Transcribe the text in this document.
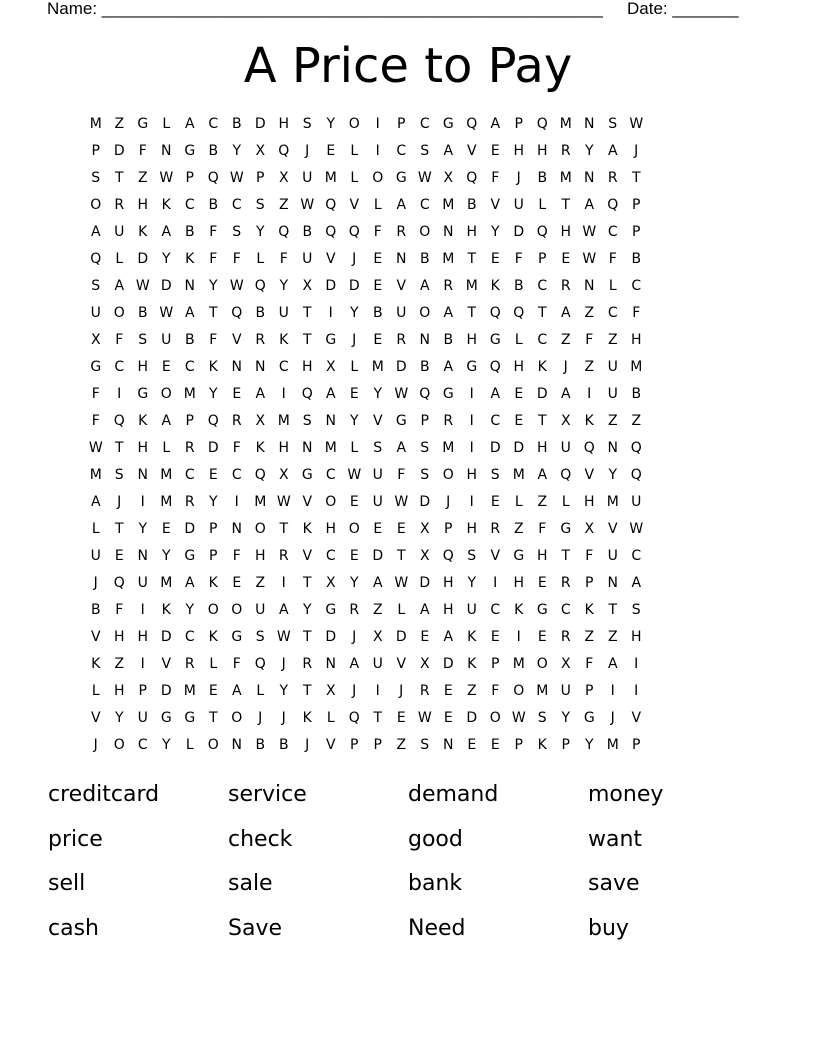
Name: _____________________________________________________ Date: _______
A Price to Pay
M Z G	L	A C B D H S	Y O	I	P	C G Q A	P Q M N S W
P D	F	N G B	Y	X Q	J	E	L	I	C	S	A V	E H H R	Y	A	J
S	T	Z W P Q W P	X U M L	O G W X Q F	J	B M N R	T
O R H K	C B C	S	Z W Q V	L	A C M B V U	L	T	A Q P
A U K	A B	F	S	Y Q B Q Q F	R O N H Y D Q H W C	P
Q	L	D Y	K	F	F	L	F	U V	J	E N B M T	E	F	P	E W F	B
S	A W D N Y W Q Y	X D D E	V A R M K	B C R N	L	C
U O B W A	T Q B U	T	I	Y	B U O A	T Q Q T	A Z C	F
X	F	S U B	F	V R	K	T G	J	E	R N B H G	L	C Z	F	Z H
G C H E	C	K N N C H X	L M D B A G Q H K	J	Z U M
F	I	G O M Y	E	A	I	Q A	E	Y W Q G	I	A	E D A	I	U B
F Q K	A	P Q R X M S N Y	V G P	R	I	C	E	T	X	K	Z Z
W T H	L	R D	F	K H N M L	S	A	S M	I	D D H U Q N Q
M S N M C	E	C Q X G C W U	F	S O H S M A Q V	Y Q
A	J	I	M R	Y	I	M W V O E U W D	J	I	E	L	Z	L	H M U
L	T	Y	E D P	N O T	K H O E	E	X	P	H R Z	F	G X V W
U E N Y G P	F	H R V C	E D T	X Q S	V G H T	F	U C
J	Q U M A	K	E	Z	I	T	X	Y	A W D H Y	I	H E	R	P	N A
B	F	I	K	Y O O U A	Y G R Z	L	A H U C	K G C	K	T	S
V H H D C	K G S W T D	J	X D E	A	K	E	I	E	R Z Z H
K	Z	I	V R	L	F Q	J	R N A U V X D K	P M O X	F	A	I
L	H	P D M E	A	L	Y	T	X	J	I	J	R	E	Z	F O M U	P	I	I
V	Y	U G G T O	J	J	K	L	Q T	E W E D O W S	Y G	J	V
J	O C	Y	L	O N B B	J	V	P	P	Z	S N E	E	P	K	P	Y M P
creditcard	service	demand	money
price	check	good	want
sell	sale	bank	save
cash	Save	Need	buy
